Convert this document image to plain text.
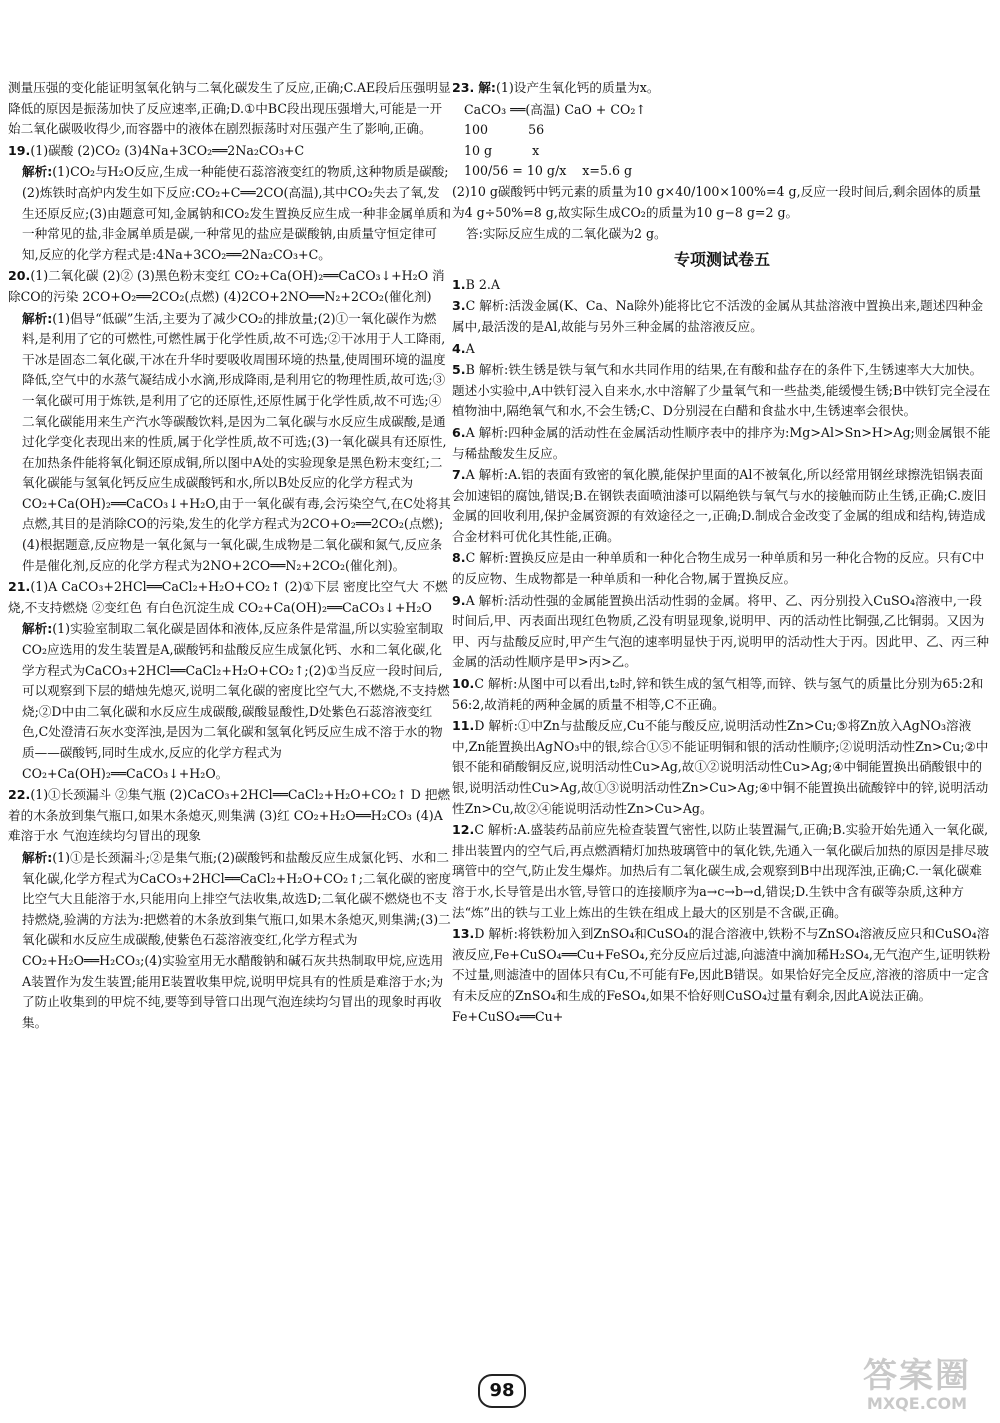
测量压强的变化能证明氢氧化钠与二氧化碳发生了反应,正确;C.AE段后压强明显降低的原因是振荡加快了反应速率,正确;D.①中BC段出现压强增大,可能是一开始二氧化碳吸收得少,而容器中的液体在剧烈振荡时对压强产生了影响,正确。
19.(1)碳酸 (2)CO₂ (3)4Na+3CO₂══2Na₂CO₃+C
解析:(1)CO₂与H₂O反应,生成一种能使石蕊溶液变红的物质,这种物质是碳酸;(2)炼铁时高炉内发生如下反应:CO₂+C══2CO(高温),其中CO₂失去了氧,发生还原反应;(3)由题意可知,金属钠和CO₂发生置换反应生成一种非金属单质和一种常见的盐,非金属单质是碳,一种常见的盐应是碳酸钠,由质量守恒定律可知,反应的化学方程式是:4Na+3CO₂══2Na₂CO₃+C。
20.(1)二氧化碳 (2)② (3)黑色粉末变红 CO₂+Ca(OH)₂══CaCO₃↓+H₂O 消除CO的污染 2CO+O₂══2CO₂(点燃) (4)2CO+2NO══N₂+2CO₂(催化剂)
解析:(1)倡导“低碳”生活,主要为了减少CO₂的排放量;(2)①一氧化碳作为燃料,是利用了它的可燃性,可燃性属于化学性质,故不可选;②干冰用于人工降雨,干冰是固态二氧化碳,干冰在升华时要吸收周围环境的热量,使周围环境的温度降低,空气中的水蒸气凝结成小水滴,形成降雨,是利用它的物理性质,故可选;③一氧化碳可用于炼铁,是利用了它的还原性,还原性属于化学性质,故不可选;④二氧化碳能用来生产汽水等碳酸饮料,是因为二氧化碳与水反应生成碳酸,是通过化学变化表现出来的性质,属于化学性质,故不可选;(3)一氧化碳具有还原性,在加热条件能将氧化铜还原成铜,所以图中A处的实验现象是黑色粉末变红;二氧化碳能与氢氧化钙反应生成碳酸钙和水,所以B处反应的化学方程式为CO₂+Ca(OH)₂══CaCO₃↓+H₂O,由于一氧化碳有毒,会污染空气,在C处将其点燃,其目的是消除CO的污染,发生的化学方程式为2CO+O₂══2CO₂(点燃);(4)根据题意,反应物是一氧化氮与一氧化碳,生成物是二氧化碳和氮气,反应条件是催化剂,反应的化学方程式为2NO+2CO══N₂+2CO₂(催化剂)。
21.(1)A CaCO₃+2HCl══CaCl₂+H₂O+CO₂↑ (2)①下层 密度比空气大 不燃烧,不支持燃烧 ②变红色 有白色沉淀生成 CO₂+Ca(OH)₂══CaCO₃↓+H₂O
解析:(1)实验室制取二氧化碳是固体和液体,反应条件是常温,所以实验室制取CO₂应选用的发生装置是A,碳酸钙和盐酸反应生成氯化钙、水和二氧化碳,化学方程式为CaCO₃+2HCl══CaCl₂+H₂O+CO₂↑;(2)①当反应一段时间后,可以观察到下层的蜡烛先熄灭,说明二氧化碳的密度比空气大,不燃烧,不支持燃烧;②D中由二氧化碳和水反应生成碳酸,碳酸显酸性,D处紫色石蕊溶液变红色,C处澄清石灰水变浑浊,是因为二氧化碳和氢氧化钙反应生成不溶于水的物质——碳酸钙,同时生成水,反应的化学方程式为CO₂+Ca(OH)₂══CaCO₃↓+H₂O。
22.(1)①长颈漏斗 ②集气瓶 (2)CaCO₃+2HCl══CaCl₂+H₂O+CO₂↑ D 把燃着的木条放到集气瓶口,如果木条熄灭,则集满 (3)红 CO₂+H₂O══H₂CO₃ (4)A 难溶于水 气泡连续均匀冒出的现象
解析:(1)①是长颈漏斗;②是集气瓶;(2)碳酸钙和盐酸反应生成氯化钙、水和二氧化碳,化学方程式为CaCO₃+2HCl══CaCl₂+H₂O+CO₂↑;二氧化碳的密度比空气大且能溶于水,只能用向上排空气法收集,故选D;二氧化碳不燃烧也不支持燃烧,验满的方法为:把燃着的木条放到集气瓶口,如果木条熄灭,则集满;(3)二氧化碳和水反应生成碳酸,使紫色石蕊溶液变红,化学方程式为CO₂+H₂O══H₂CO₃;(4)实验室用无水醋酸钠和碱石灰共热制取甲烷,应选用A装置作为发生装置;能用E装置收集甲烷,说明甲烷具有的性质是难溶于水;为了防止收集到的甲烷不纯,要等到导管口出现气泡连续均匀冒出的现象时再收集。
23. 解:(1)设产生氧化钙的质量为x。
CaCO₃ ══(高温) CaO + CO₂↑
100          56
10 g          x
100/56 = 10 g/x    x=5.6 g
(2)10 g碳酸钙中钙元素的质量为10 g×40/100×100%=4 g,反应一段时间后,剩余固体的质量为4 g÷50%=8 g,故实际生成CO₂的质量为10 g−8 g=2 g。
答:实际反应生成的二氧化碳为2 g。
专项测试卷五
1.B 2.A
3.C 解析:活泼金属(K、Ca、Na除外)能将比它不活泼的金属从其盐溶液中置换出来,题述四种金属中,最活泼的是Al,故能与另外三种金属的盐溶液反应。
4.A
5.B 解析:铁生锈是铁与氧气和水共同作用的结果,在有酸和盐存在的条件下,生锈速率大大加快。题述小实验中,A中铁钉浸入自来水,水中溶解了少量氧气和一些盐类,能缓慢生锈;B中铁钉完全浸在植物油中,隔绝氧气和水,不会生锈;C、D分别浸在白醋和食盐水中,生锈速率会很快。
6.A 解析:四种金属的活动性在金属活动性顺序表中的排序为:Mg>Al>Sn>H>Ag;则金属银不能与稀盐酸发生反应。
7.A 解析:A.铝的表面有致密的氧化膜,能保护里面的Al不被氧化,所以经常用钢丝球擦洗铝锅表面会加速铝的腐蚀,错误;B.在钢铁表面喷油漆可以隔绝铁与氧气与水的接触而防止生锈,正确;C.废旧金属的回收利用,保护金属资源的有效途径之一,正确;D.制成合金改变了金属的组成和结构,铸造成合金材料可优化其性能,正确。
8.C 解析:置换反应是由一种单质和一种化合物生成另一种单质和另一种化合物的反应。只有C中的反应物、生成物都是一种单质和一种化合物,属于置换反应。
9.A 解析:活动性强的金属能置换出活动性弱的金属。将甲、乙、丙分别投入CuSO₄溶液中,一段时间后,甲、丙表面出现红色物质,乙没有明显现象,说明甲、丙的活动性比铜强,乙比铜弱。又因为甲、丙与盐酸反应时,甲产生气泡的速率明显快于丙,说明甲的活动性大于丙。因此甲、乙、丙三种金属的活动性顺序是甲>丙>乙。
10.C 解析:从图中可以看出,t₂时,锌和铁生成的氢气相等,而锌、铁与氢气的质量比分别为65:2和56:2,故消耗的两种金属的质量不相等,C不正确。
11.D 解析:①中Zn与盐酸反应,Cu不能与酸反应,说明活动性Zn>Cu;⑤将Zn放入AgNO₃溶液中,Zn能置换出AgNO₃中的银,综合①⑤不能证明铜和银的活动性顺序;②说明活动性Zn>Cu;②中银不能和硝酸铜反应,说明活动性Cu>Ag,故①②说明活动性Cu>Ag;④中铜能置换出硝酸银中的银,说明活动性Cu>Ag,故①③说明活动性Zn>Cu>Ag;④中铜不能置换出硫酸锌中的锌,说明活动性Zn>Cu,故②④能说明活动性Zn>Cu>Ag。
12.C 解析:A.盛装药品前应先检查装置气密性,以防止装置漏气,正确;B.实验开始先通入一氧化碳,排出装置内的空气后,再点燃酒精灯加热玻璃管中的氧化铁,先通入一氧化碳后加热的原因是排尽玻璃管中的空气,防止发生爆炸。加热后有二氧化碳生成,会观察到B中出现浑浊,正确;C.一氧化碳难溶于水,长导管是出水管,导管口的连接顺序为a→c→b→d,错误;D.生铁中含有碳等杂质,这种方法“炼”出的铁与工业上炼出的生铁在组成上最大的区别是不含碳,正确。
13.D 解析:将铁粉加入到ZnSO₄和CuSO₄的混合溶液中,铁粉不与ZnSO₄溶液反应只和CuSO₄溶液反应,Fe+CuSO₄══Cu+FeSO₄,充分反应后过滤,向滤渣中滴加稀H₂SO₄,无气泡产生,证明铁粉不过量,则滤渣中的固体只有Cu,不可能有Fe,因此B错误。如果恰好完全反应,溶液的溶质中一定含有未反应的ZnSO₄和生成的FeSO₄,如果不恰好则CuSO₄过量有剩余,因此A说法正确。Fe+CuSO₄══Cu+
98	答案圈
MXQE.COM
